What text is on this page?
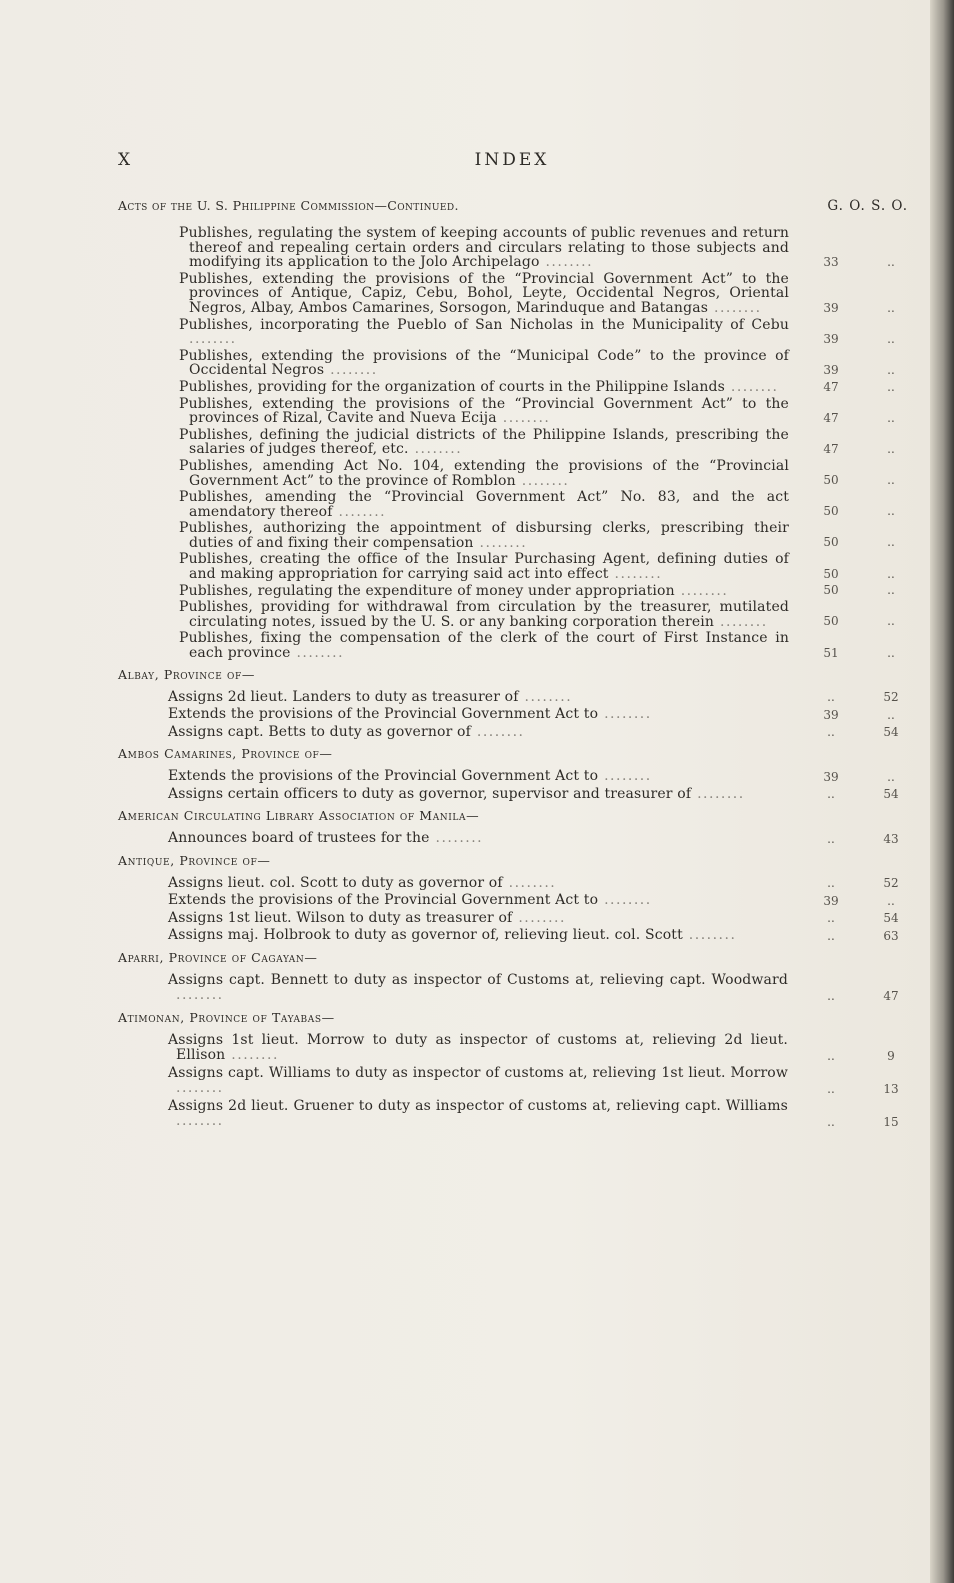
X	INDEX
Acts of the U. S. Philippine Commission—Continued.	G. O. S. O.
Publishes, regulating the system of keeping accounts of public revenues and return thereof and repealing certain orders and circulars relating to those subjects and modifying its application to the Jolo Archipelago ........	33	..
Publishes, extending the provisions of the “Provincial Government Act” to the provinces of Antique, Capiz, Cebu, Bohol, Leyte, Occidental Negros, Oriental Negros, Albay, Ambos Camarines, Sorsogon, Marinduque and Batangas ........	39	..
Publishes, incorporating the Pueblo of San Nicholas in the Municipality of Cebu ........	39	..
Publishes, extending the provisions of the “Municipal Code” to the province of Occidental Negros ........	39	..
Publishes, providing for the organization of courts in the Philippine Islands ........	47	..
Publishes, extending the provisions of the “Provincial Government Act” to the provinces of Rizal, Cavite and Nueva Ecija ........	47	..
Publishes, defining the judicial districts of the Philippine Islands, prescribing the salaries of judges thereof, etc. ........	47	..
Publishes, amending Act No. 104, extending the provisions of the “Provincial Government Act” to the province of Romblon ........	50	..
Publishes, amending the “Provincial Government Act” No. 83, and the act amendatory thereof ........	50	..
Publishes, authorizing the appointment of disbursing clerks, prescribing their duties of and fixing their compensation ........	50	..
Publishes, creating the office of the Insular Purchasing Agent, defining duties of and making appropriation for carrying said act into effect ........	50	..
Publishes, regulating the expenditure of money under appropriation ........	50	..
Publishes, providing for withdrawal from circulation by the treasurer, mutilated circulating notes, issued by the U. S. or any banking corporation therein ........	50	..
Publishes, fixing the compensation of the clerk of the court of First Instance in each province ........	51	..
Albay, Province of—
Assigns 2d lieut. Landers to duty as treasurer of ........	..	52
Extends the provisions of the Provincial Government Act to ........	39	..
Assigns capt. Betts to duty as governor of ........	..	54
Ambos Camarines, Province of—
Extends the provisions of the Provincial Government Act to ........	39	..
Assigns certain officers to duty as governor, supervisor and treasurer of ........	..	54
American Circulating Library Association of Manila—
Announces board of trustees for the ........	..	43
Antique, Province of—
Assigns lieut. col. Scott to duty as governor of ........	..	52
Extends the provisions of the Provincial Government Act to ........	39	..
Assigns 1st lieut. Wilson to duty as treasurer of ........	..	54
Assigns maj. Holbrook to duty as governor of, relieving lieut. col. Scott ........	..	63
Aparri, Province of Cagayan—
Assigns capt. Bennett to duty as inspector of Customs at, relieving capt. Woodward ........	..	47
Atimonan, Province of Tayabas—
Assigns 1st lieut. Morrow to duty as inspector of customs at, relieving 2d lieut. Ellison ........	..	9
Assigns capt. Williams to duty as inspector of customs at, relieving 1st lieut. Morrow ........	..	13
Assigns 2d lieut. Gruener to duty as inspector of customs at, relieving capt. Williams ........	..	15
